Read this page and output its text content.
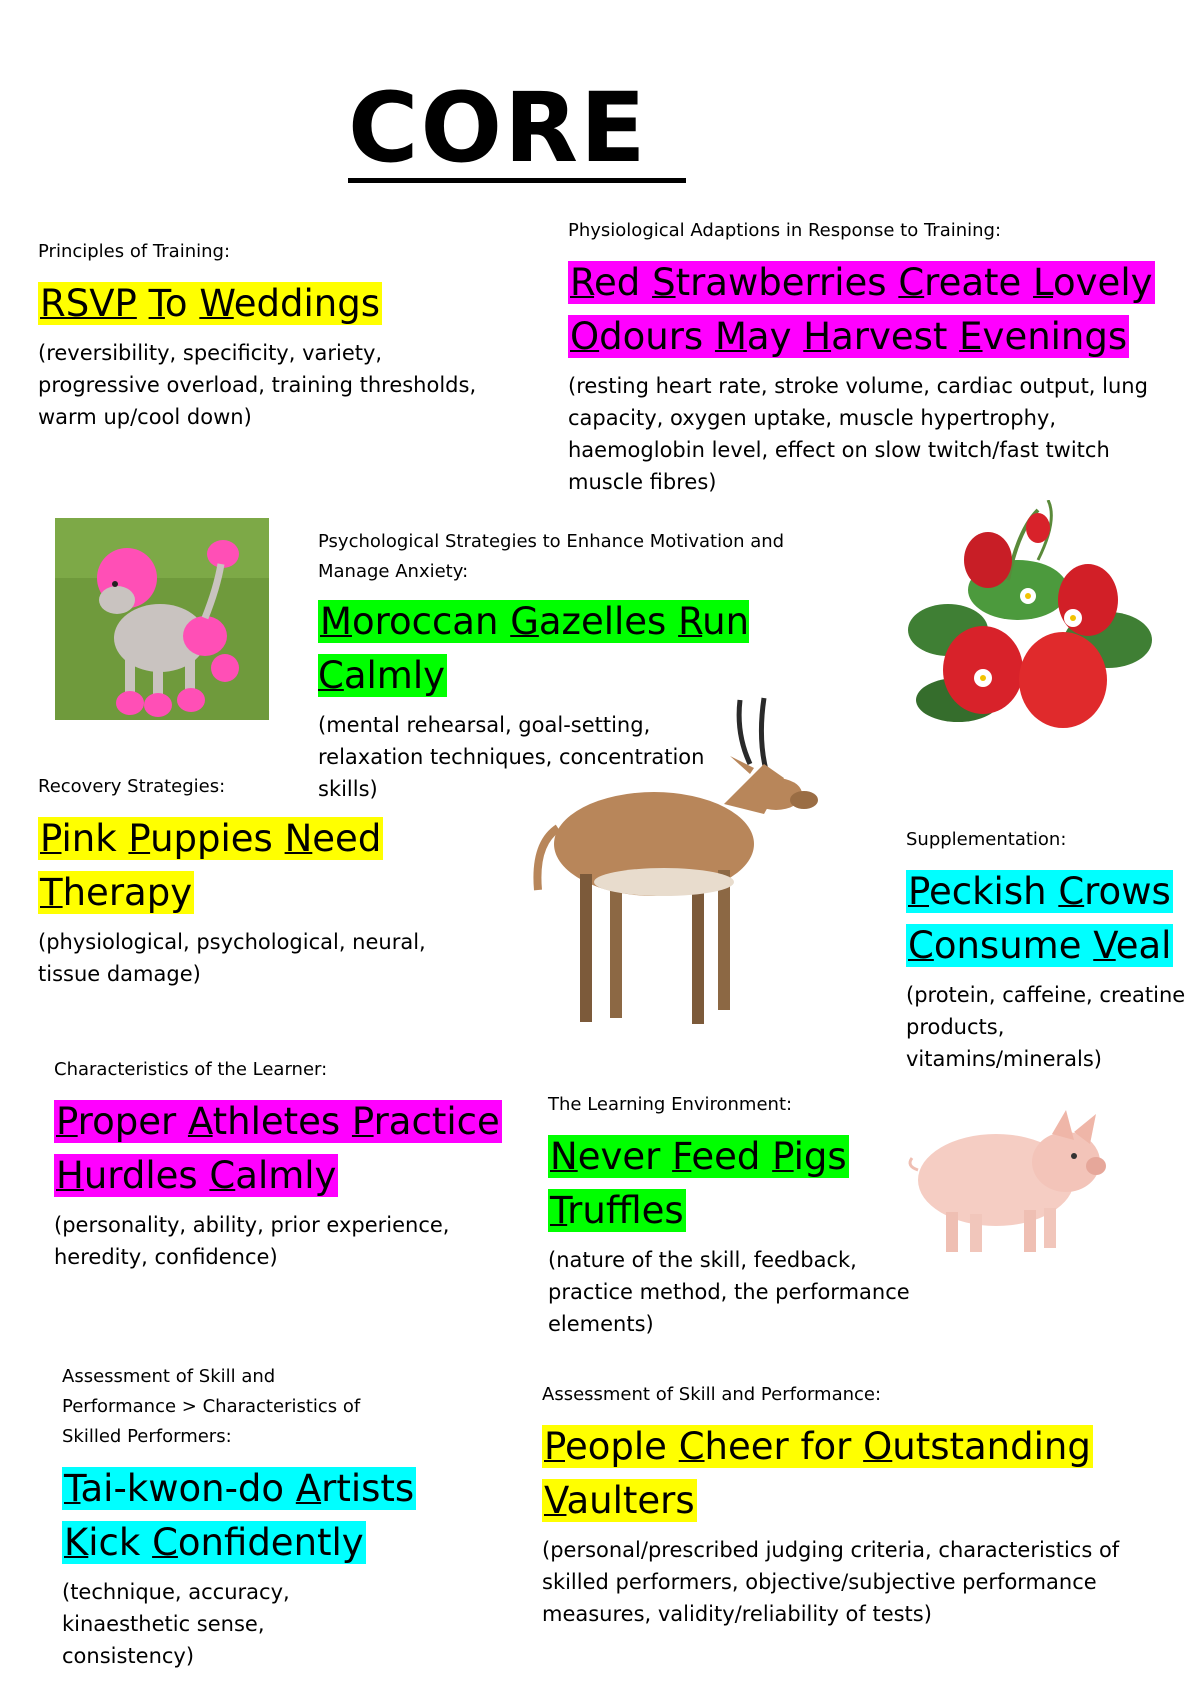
CORE
Principles of Training:
RSVP To Weddings
(reversibility, specificity, variety, progressive overload, training thresholds, warm up/cool down)
Physiological Adaptions in Response to Training:
Red Strawberries Create Lovely
Odours May Harvest Evenings
(resting heart rate, stroke volume, cardiac output, lung capacity, oxygen uptake, muscle hypertrophy, haemoglobin level, effect on slow twitch/fast twitch muscle fibres)
Psychological Strategies to Enhance Motivation and Manage Anxiety:
Moroccan Gazelles Run Calmly
(mental rehearsal, goal-setting, relaxation techniques, concentration skills)
Recovery Strategies:
Pink Puppies Need
Therapy
(physiological, psychological, neural, tissue damage)
Supplementation:
Peckish Crows
Consume Veal
(protein, caffeine, creatine products, vitamins/minerals)
Characteristics of the Learner:
Proper Athletes Practice
Hurdles Calmly
(personality, ability, prior experience, heredity, confidence)
The Learning Environment:
Never Feed Pigs
Truffles
(nature of the skill, feedback, practice method, the performance elements)
Assessment of Skill and Performance > Characteristics of Skilled Performers:
Tai-kwon-do Artists
Kick Confidently
(technique, accuracy, kinaesthetic sense, consistency)
Assessment of Skill and Performance:
People Cheer for Outstanding
Vaulters
(personal/prescribed judging criteria, characteristics of skilled performers, objective/subjective performance measures, validity/reliability of tests)
